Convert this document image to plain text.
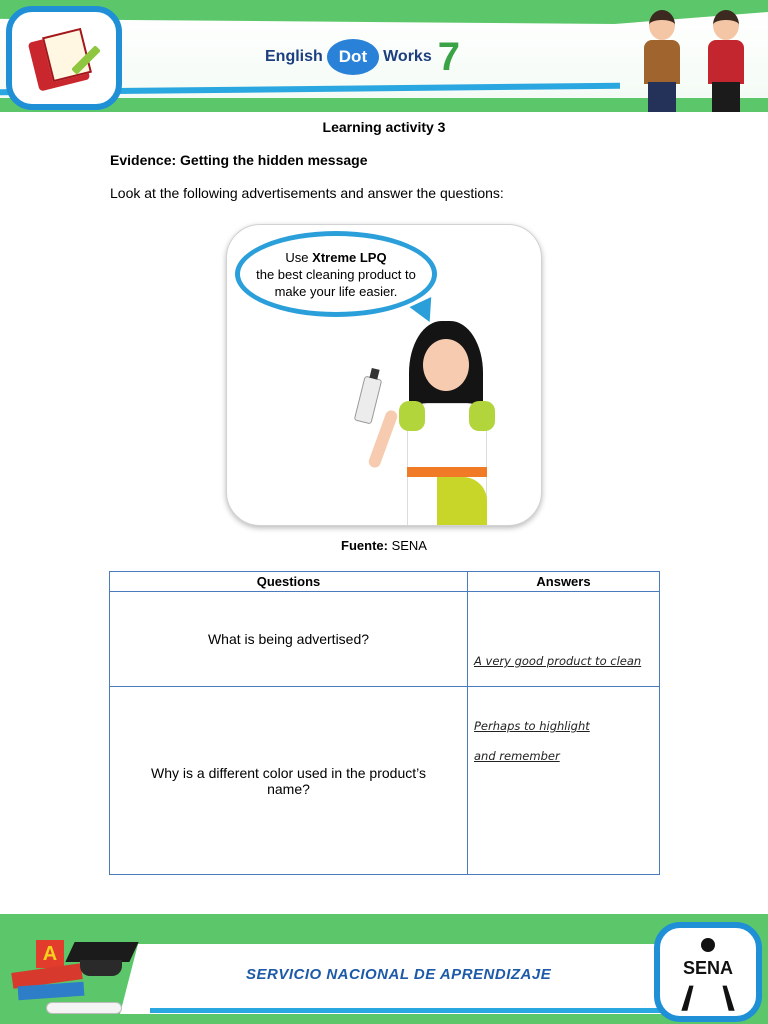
English Dot	Works 7
Learning activity 3
Evidence: Getting the hidden message
Look at the following advertisements and answer the questions:
Use Xtreme LPQ
the best cleaning product to
make your life easier.
Fuente: SENA
Questions	Answers
What is being advertised?	A very good product to clean

Why is a different color used in the product’s name?	Perhaps to highlight
and remember
A
SERVICIO NACIONAL DE APRENDIZAJE	SENA
